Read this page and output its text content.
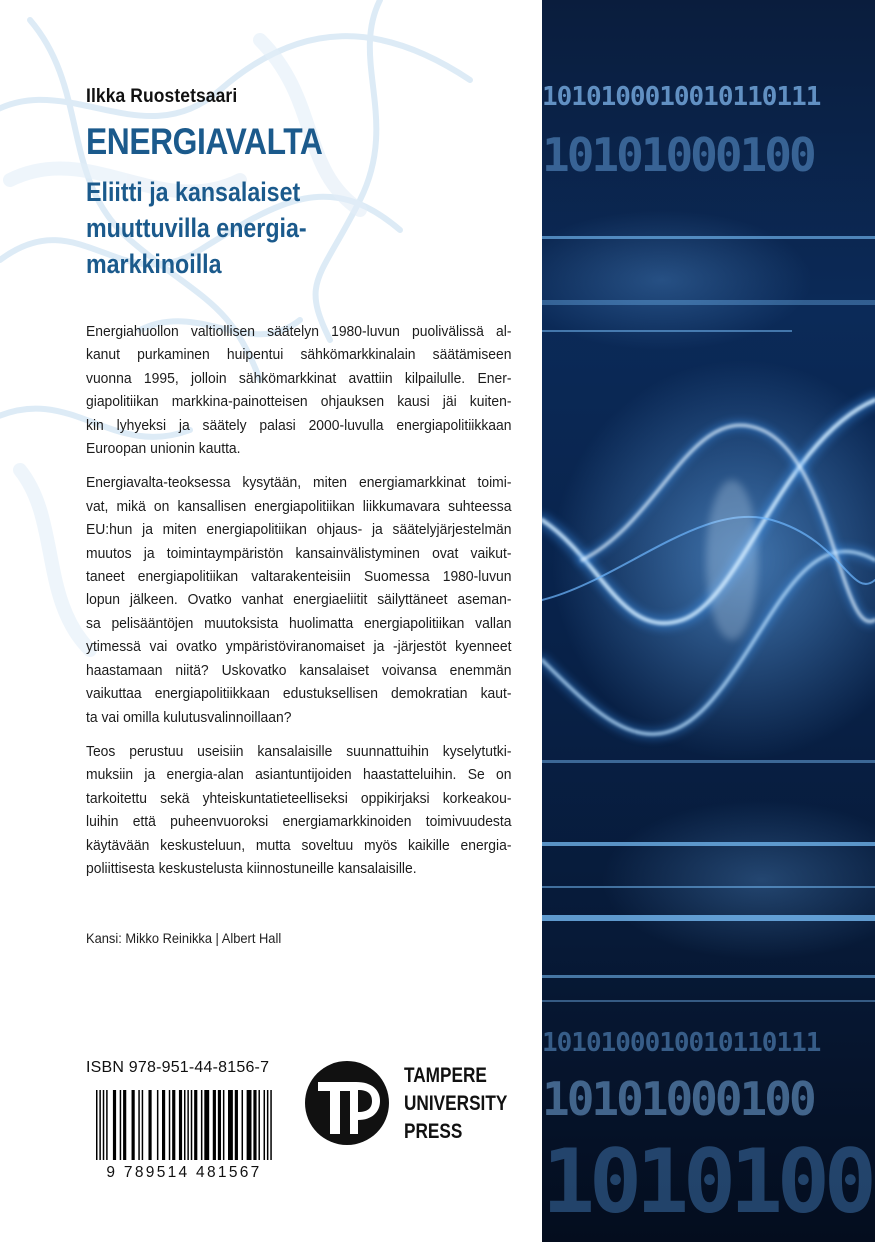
Ilkka Ruostetsaari
ENERGIAVALTA
Eliitti ja kansalaiset
muuttuvilla energia-
markkinoilla
Energiahuollon valtiollisen säätelyn 1980-luvun puolivälissä al-
kanut purkaminen huipentui sähkömarkkinalain säätämiseen
vuonna 1995, jolloin sähkömarkkinat avattiin kilpailulle. Ener-
giapolitiikan markkina-painotteisen ohjauksen kausi jäi kuiten-
kin lyhyeksi ja säätely palasi 2000-luvulla energiapolitiikkaan
Euroopan unionin kautta.
Energiavalta-teoksessa kysytään, miten energiamarkkinat toimi-
vat, mikä on kansallisen energiapolitiikan liikkumavara suhteessa
EU:hun ja miten energiapolitiikan ohjaus- ja säätelyjärjestelmän
muutos ja toimintaympäristön kansainvälistyminen ovat vaikut-
taneet energiapolitiikan valtarakenteisiin Suomessa 1980-luvun
lopun jälkeen. Ovatko vanhat energiaeliitit säilyttäneet aseman-
sa pelisääntöjen muutoksista huolimatta energiapolitiikan vallan
ytimessä vai ovatko ympäristöviranomaiset ja -järjestöt kyenneet
haastamaan niitä? Uskovatko kansalaiset voivansa enemmän
vaikuttaa energiapolitiikkaan edustuksellisen demokratian kaut-
ta vai omilla kulutusvalinnoillaan?
Teos perustuu useisiin kansalaisille suunnattuihin kyselytutki-
muksiin ja energia-alan asiantuntijoiden haastatteluihin. Se on
tarkoitettu sekä yhteiskuntatieteelliseksi oppikirjaksi korkeakou-
luihin että puheenvuoroksi energiamarkkinoiden toimivuudesta
käytävään keskusteluun, mutta soveltuu myös kaikille energia-
poliittisesta keskustelusta kiinnostuneille kansalaisille.
Kansi: Mikko Reinikka | Albert Hall
ISBN 978-951-44-8156-7
9 789514 481567
TAMPERE
UNIVERSITY
PRESS
1010100010010110111
10101000100
1010100010010110111
10101000100
1010100
